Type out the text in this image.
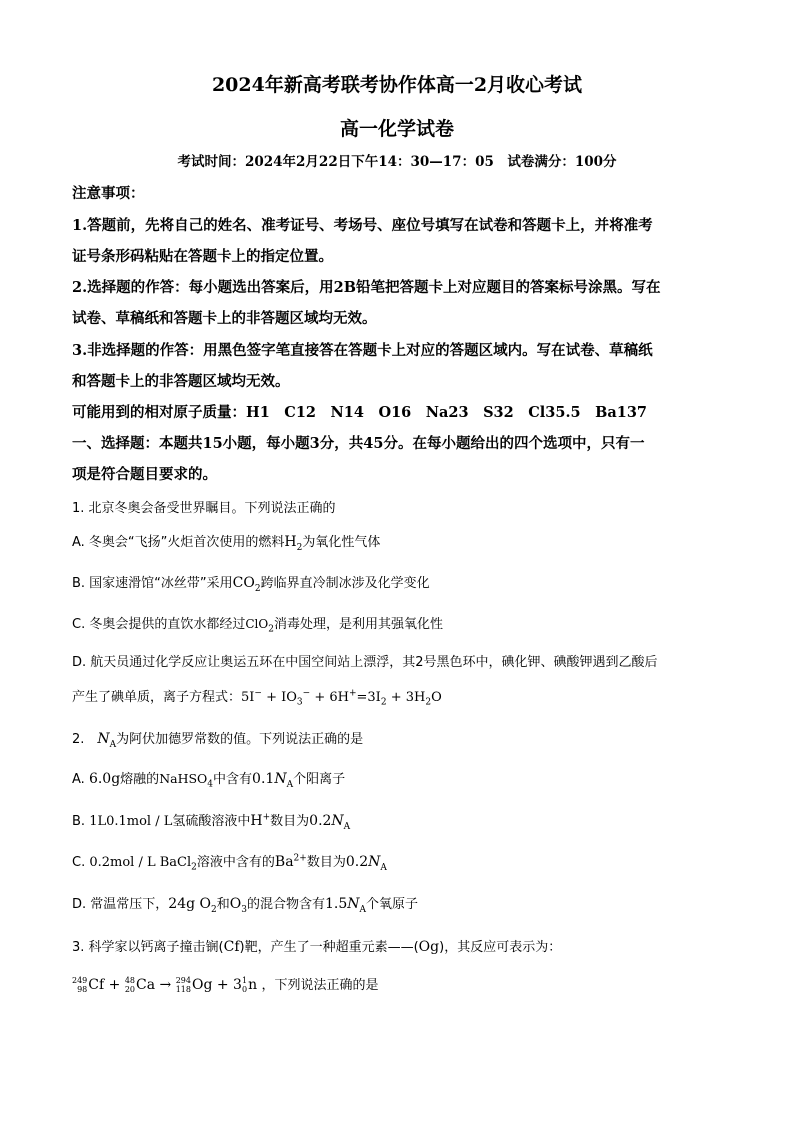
2024年新高考联考协作体高一2月收心考试
高一化学试卷
考试时间：2024年2月22日下午14：30—17：05　试卷满分：100分
注意事项：
1.答题前，先将自己的姓名、准考证号、考场号、座位号填写在试卷和答题卡上，并将准考
证号条形码粘贴在答题卡上的指定位置。
2.选择题的作答：每小题选出答案后，用2B铅笔把答题卡上对应题目的答案标号涂黑。写在
试卷、草稿纸和答题卡上的非答题区域均无效。
3.非选择题的作答：用黑色签字笔直接答在答题卡上对应的答题区域内。写在试卷、草稿纸
和答题卡上的非答题区域均无效。
可能用到的相对原子质量：H1　C12　N14　O16　Na23　S32　Cl35.5　Ba137
一、选择题：本题共15小题，每小题3分，共45分。在每小题给出的四个选项中，只有一
项是符合题目要求的。
1. 北京冬奥会备受世界瞩目。下列说法正确的
A. 冬奥会“飞扬”火炬首次使用的燃料$H_2$为氧化性气体
B. 国家速滑馆“冰丝带”采用$CO_2$跨临界直冷制冰涉及化学变化
C. 冬奥会提供的直饮水都经过ClO$_2$消毒处理，是利用其强氧化性
D. 航天员通过化学反应让奥运五环在中国空间站上漂浮，其2号黑色环中，碘化钾、碘酸钾遇到乙酸后
产生了碘单质，离子方程式：$5I^- + IO_3^- + 6H^+=3I_2 + 3H_2O$
2.　$N_A$为阿伏加德罗常数的值。下列说法正确的是
A. 6.0g熔融的NaHSO$_4$中含有$0.1N_A$个阳离子
B. 1L0.1mol / L氢硫酸溶液中H+数目为$0.2N_A$
C. 0.2mol / L BaCl$_2$溶液中含有的$Ba^{2+}$数目为$0.2N_A$
D. 常温常压下，24g $O_2$和$O_3$的混合物含有$1.5N_A$个氧原子
3. 科学家以钙离子撞击锎(Cf)靶，产生了一种超重元素——(Og)，其反应可表示为：
249
98 Cf + 48
20 Ca → 294
118 Og + 3 1
0 n ，下列说法正确的是
